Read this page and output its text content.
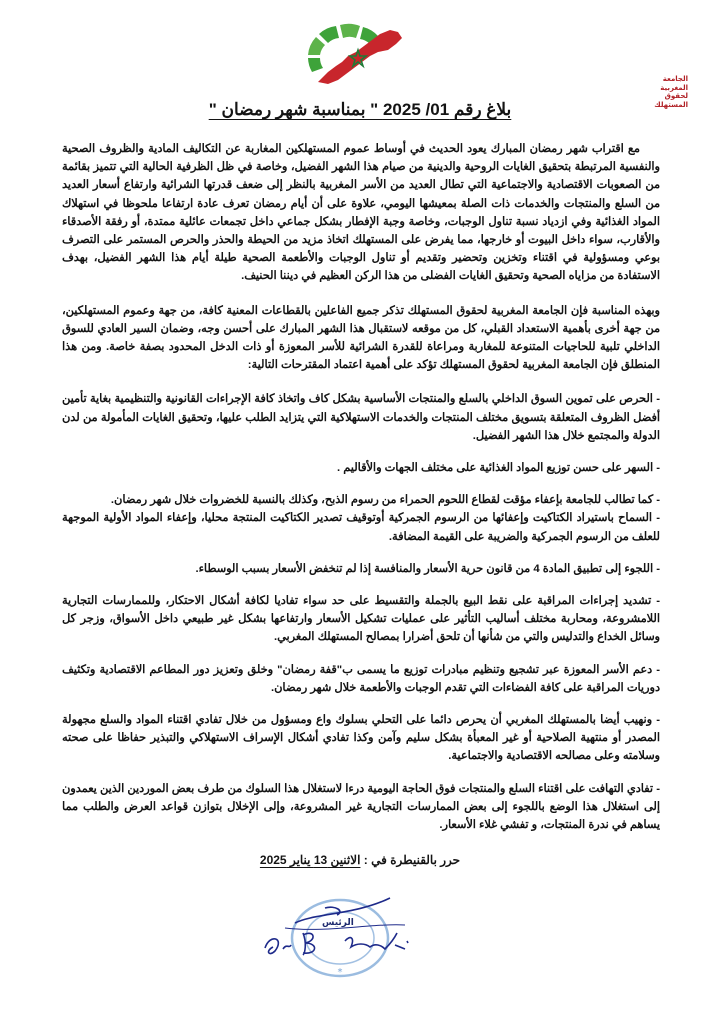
الجامعة
المغربية
لحقوق المستهلك
بلاغ رقم 01/ 2025 " بمناسبة شهر رمضان "

مع اقتراب شهر رمضان المبارك يعود الحديث في أوساط عموم المستهلكين المغاربة عن التكاليف المادية والظروف الصحية والنفسية المرتبطة بتحقيق الغايات الروحية والدينية من صيام هذا الشهر الفضيل، وخاصة في ظل الظرفية الحالية التي تتميز بقائمة من الصعوبات الاقتصادية والاجتماعية التي تطال العديد من الأسر المغربية بالنظر إلى ضعف قدرتها الشرائية وارتفاع أسعار العديد من السلع والمنتجات والخدمات ذات الصلة بمعيشها اليومي، علاوة على أن أيام رمضان تعرف عادة ارتفاعا ملحوظا في استهلاك المواد الغذائية وفي ازدياد نسبة تناول الوجبات، وخاصة وجبة الإفطار بشكل جماعي داخل تجمعات عائلية ممتدة، أو رفقة الأصدقاء والأقارب، سواء داخل البيوت أو خارجها، مما يفرض على المستهلك اتخاذ مزيد من الحيطة والحذر والحرص المستمر على التصرف بوعي ومسؤولية في اقتناء وتخزين وتحضير وتقديم أو تناول الوجبات والأطعمة الصحية طيلة أيام هذا الشهر الفضيل، بهدف الاستفادة من مزاياه الصحية وتحقيق الغايات الفضلى من هذا الركن العظيم في ديننا الحنيف.

وبهذه المناسبة فإن الجامعة المغربية لحقوق المستهلك تذكر جميع الفاعلين بالقطاعات المعنية كافة، من جهة وعموم المستهلكين، من جهة أخرى بأهمية الاستعداد القبلي، كل من موقعه لاستقبال هذا الشهر المبارك على أحسن وجه، وضمان السير العادي للسوق الداخلي تلبية للحاجيات المتنوعة للمغاربة ومراعاة للقدرة الشرائية للأسر المعوزة أو ذات الدخل المحدود بصفة خاصة. ومن هذا المنطلق فإن الجامعة المغربية لحقوق المستهلك تؤكد على أهمية اعتماد المقترحات التالية:

- الحرص على تموين السوق الداخلي بالسلع والمنتجات الأساسية بشكل كاف واتخاذ كافة الإجراءات القانونية والتنظيمية بغاية تأمين أفضل الظروف المتعلقة بتسويق مختلف المنتجات والخدمات الاستهلاكية التي يتزايد الطلب عليها، وتحقيق الغايات المأمولة من لدن الدولة والمجتمع خلال هذا الشهر الفضيل.

- السهر على حسن توزيع المواد الغذائية على مختلف الجهات والأقاليم .

- كما تطالب للجامعة بإعفاء مؤقت لقطاع اللحوم الحمراء من رسوم الذبح، وكذلك بالنسبة للخضروات خلال شهر رمضان.

- السماح باستيراد الكتاكيت وإعفائها من الرسوم الجمركية أوتوقيف تصدير الكتاكيت المنتجة محليا، وإعفاء المواد الأولية الموجهة للعلف من الرسوم الجمركية والضريبة على القيمة المضافة.

- اللجوء إلى تطبيق المادة 4 من قانون حرية الأسعار والمنافسة إذا لم تنخفض الأسعار بسبب الوسطاء.

- تشديد إجراءات المراقبة على نقط البيع بالجملة والتقسيط على حد سواء تفاديا لكافة أشكال الاحتكار، وللممارسات التجارية اللامشروعة، ومحاربة مختلف أساليب التأثير على عمليات تشكيل الأسعار وارتفاعها بشكل غير طبيعي داخل الأسواق، وزجر كل وسائل الخداع والتدليس والتي من شأنها أن تلحق أضرارا بمصالح المستهلك المغربي.

- دعم الأسر المعوزة عبر تشجيع وتنظيم مبادرات توزيع ما يسمى ب"قفة رمضان" وخلق وتعزيز دور المطاعم الاقتصادية وتكثيف دوريات المراقبة على كافة الفضاءات التي تقدم الوجبات والأطعمة خلال شهر رمضان.

- ونهيب أيضا بالمستهلك المغربي أن يحرص دائما على التحلي بسلوك واع ومسؤول من خلال تفادي اقتناء المواد والسلع مجهولة المصدر أو منتهية الصلاحية أو غير المعبأة بشكل سليم وآمن وكذا تفادي أشكال الإسراف الاستهلاكي والتبذير حفاظا على صحته وسلامته وعلى مصالحه الاقتصادية والاجتماعية.

- تفادي التهافت على اقتناء السلع والمنتجات فوق الحاجة اليومية درءا لاستغلال هذا السلوك من طرف بعض الموردين الذين يعمدون إلى استغلال هذا الوضع باللجوء إلى بعض الممارسات التجارية غير المشروعة، وإلى الإخلال بتوازن قواعد العرض والطلب مما يساهم في ندرة المنتجات، و تفشي غلاء الأسعار.

حرر بالقنيطرة في : الاثنين 13 يناير 2025
*
الرئيس
